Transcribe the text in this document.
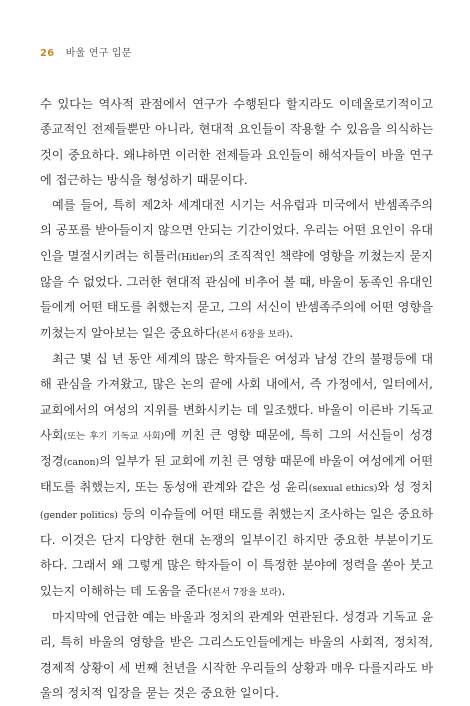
26 바울 연구 입문

수 있다는 역사적 관점에서 연구가 수행된다 할지라도 이데올로기적이고 종교적인 전제들뿐만 아니라, 현대적 요인들이 작용할 수 있음을 의식하는 것이 중요하다. 왜냐하면 이러한 전제들과 요인들이 해석자들이 바울 연구에 접근하는 방식을 형성하기 때문이다.

예를 들어, 특히 제2차 세계대전 시기는 서유럽과 미국에서 반셈족주의의 공포를 받아들이지 않으면 안되는 기간이었다. 우리는 어떤 요인이 유대인을 멸절시키려는 히틀러(Hitler)의 조직적인 책략에 영향을 끼쳤는지 묻지 않을 수 없었다. 그러한 현대적 관심에 비추어 볼 때, 바울이 동족인 유대인들에게 어떤 태도를 취했는지 묻고, 그의 서신이 반셈족주의에 어떤 영향을 끼쳤는지 알아보는 일은 중요하다(본서 6장을 보라).

최근 몇 십 년 동안 세계의 많은 학자들은 여성과 남성 간의 불평등에 대해 관심을 가져왔고, 많은 논의 끝에 사회 내에서, 즉 가정에서, 일터에서, 교회에서의 여성의 지위를 변화시키는 데 일조했다. 바울이 이른바 기독교 사회(또는 후기 기독교 사회)에 끼친 큰 영향 때문에, 특히 그의 서신들이 성경 정경(canon)의 일부가 된 교회에 끼친 큰 영향 때문에 바울이 여성에게 어떤 태도를 취했는지, 또는 동성애 관계와 같은 성 윤리(sexual ethics)와 성 정치(gender politics) 등의 이슈들에 어떤 태도를 취했는지 조사하는 일은 중요하다. 이것은 단지 다양한 현대 논쟁의 일부이긴 하지만 중요한 부분이기도 하다. 그래서 왜 그렇게 많은 학자들이 이 특정한 분야에 정력을 쏟아 붓고 있는지 이해하는 데 도움을 준다(본서 7장을 보라).

마지막에 언급한 예는 바울과 정치의 관계와 연관된다. 성경과 기독교 윤리, 특히 바울의 영향을 받은 그리스도인들에게는 바울의 사회적, 정치적, 경제적 상황이 세 번째 천년을 시작한 우리들의 상황과 매우 다를지라도 바울의 정치적 입장을 묻는 것은 중요한 일이다.
